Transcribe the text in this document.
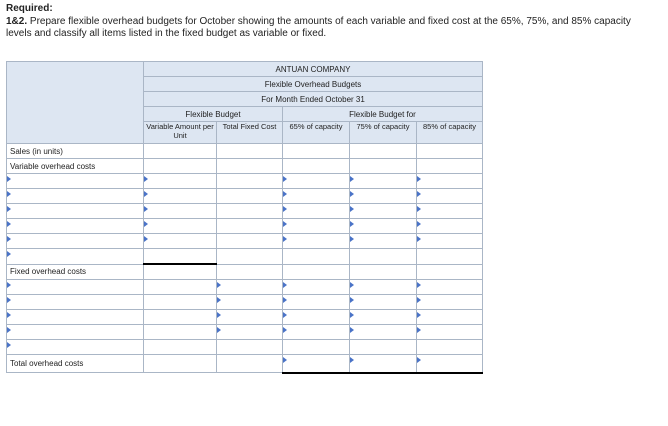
Required:
1&2. Prepare flexible overhead budgets for October showing the amounts of each variable and fixed cost at the 65%, 75%, and 85% capacity levels and classify all items listed in the fixed budget as variable or fixed.
	ANTUAN COMPANY				
	Flexible Overhead Budgets				
	For Month Ended October 31				
	Flexible Budget		Flexible Budget for		
	Variable Amount per Unit	Total Fixed Cost	65% of capacity	75% of capacity	85% of capacity
Sales (in units)					
Variable overhead costs					

Fixed overhead costs					

Total overhead costs			
